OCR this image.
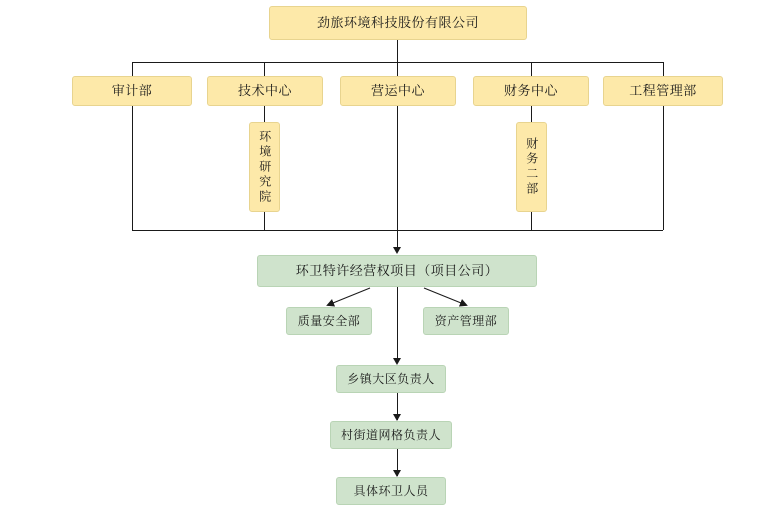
劲旅环境科技股份有限公司
审计部	技术中心	营运中心	财务中心	工程管理部
环境研究院	财务二部
环卫特许经营权项目（项目公司）
质量安全部	资产管理部
乡镇大区负责人
村街道网格负责人
具体环卫人员
